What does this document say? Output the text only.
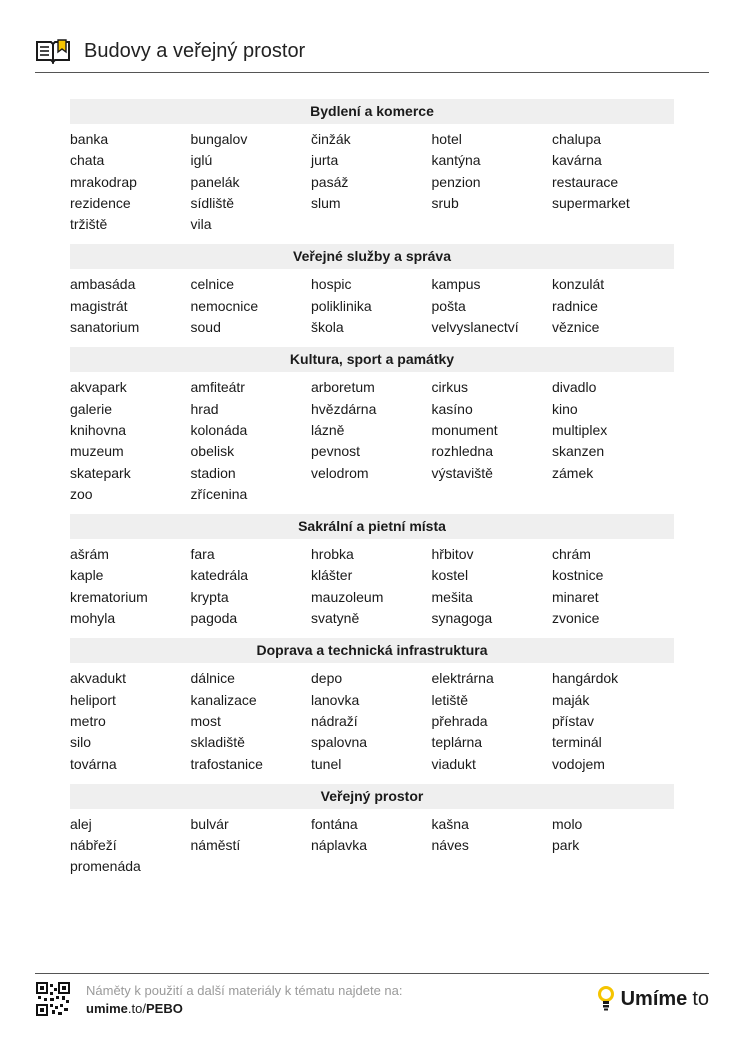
Budovy a veřejný prostor
Bydlení a komerce
banka	bungalov	činžák	hotel	chalupa
chata	iglú	jurta	kantýna	kavárna
mrakodrap	panelák	pasáž	penzion	restaurace
rezidence	sídliště	slum	srub	supermarket
tržiště	vila
Veřejné služby a správa
ambasáda	celnice	hospic	kampus	konzulát
magistrát	nemocnice	poliklinika	pošta	radnice
sanatorium	soud	škola	velvyslanectví	věznice
Kultura, sport a památky
akvapark	amfiteátr	arboretum	cirkus	divadlo
galerie	hrad	hvězdárna	kasíno	kino
knihovna	kolonáda	lázně	monument	multiplex
muzeum	obelisk	pevnost	rozhledna	skanzen
skatepark	stadion	velodrom	výstaviště	zámek
zoo	zřícenina
Sakrální a pietní místa
ašrám	fara	hrobka	hřbitov	chrám
kaple	katedrála	klášter	kostel	kostnice
krematorium	krypta	mauzoleum	mešita	minaret
mohyla	pagoda	svatyně	synagoga	zvonice
Doprava a technická infrastruktura
akvadukt	dálnice	depo	elektrárna	hangárdok
heliport	kanalizace	lanovka	letiště	maják
metro	most	nádraží	přehrada	přístav
silo	skladiště	spalovna	teplárna	terminál
továrna	trafostanice	tunel	viadukt	vodojem
Veřejný prostor
alej	bulvár	fontána	kašna	molo
nábřeží	náměstí	náplavka	náves	park
promenáda
Náměty k použití a další materiály k tématu najdete na:
umime.to/PEBO	Umíme to
